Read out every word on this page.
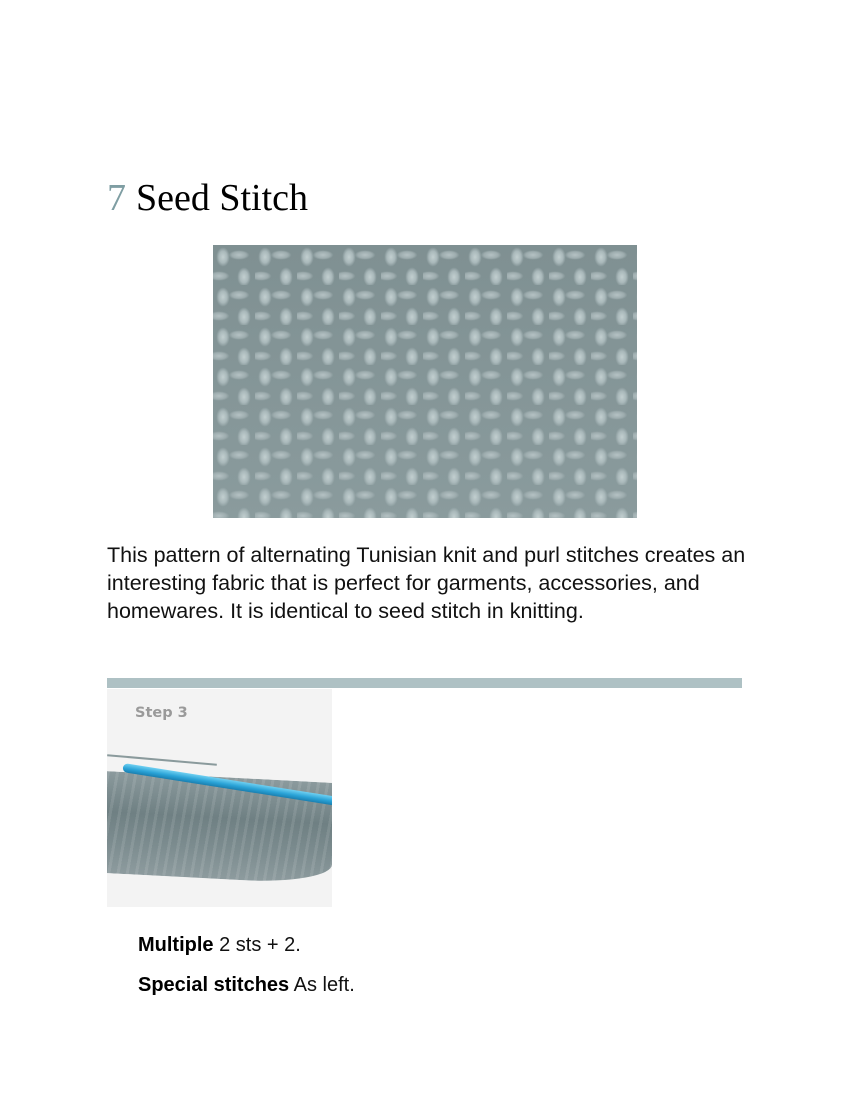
7 Seed Stitch

This pattern of alternating Tunisian knit and purl stitches creates an interesting fabric that is perfect for garments, accessories, and homewares. It is identical to seed stitch in knitting.

Step 3

Multiple 2 sts + 2.

Special stitches As left.
